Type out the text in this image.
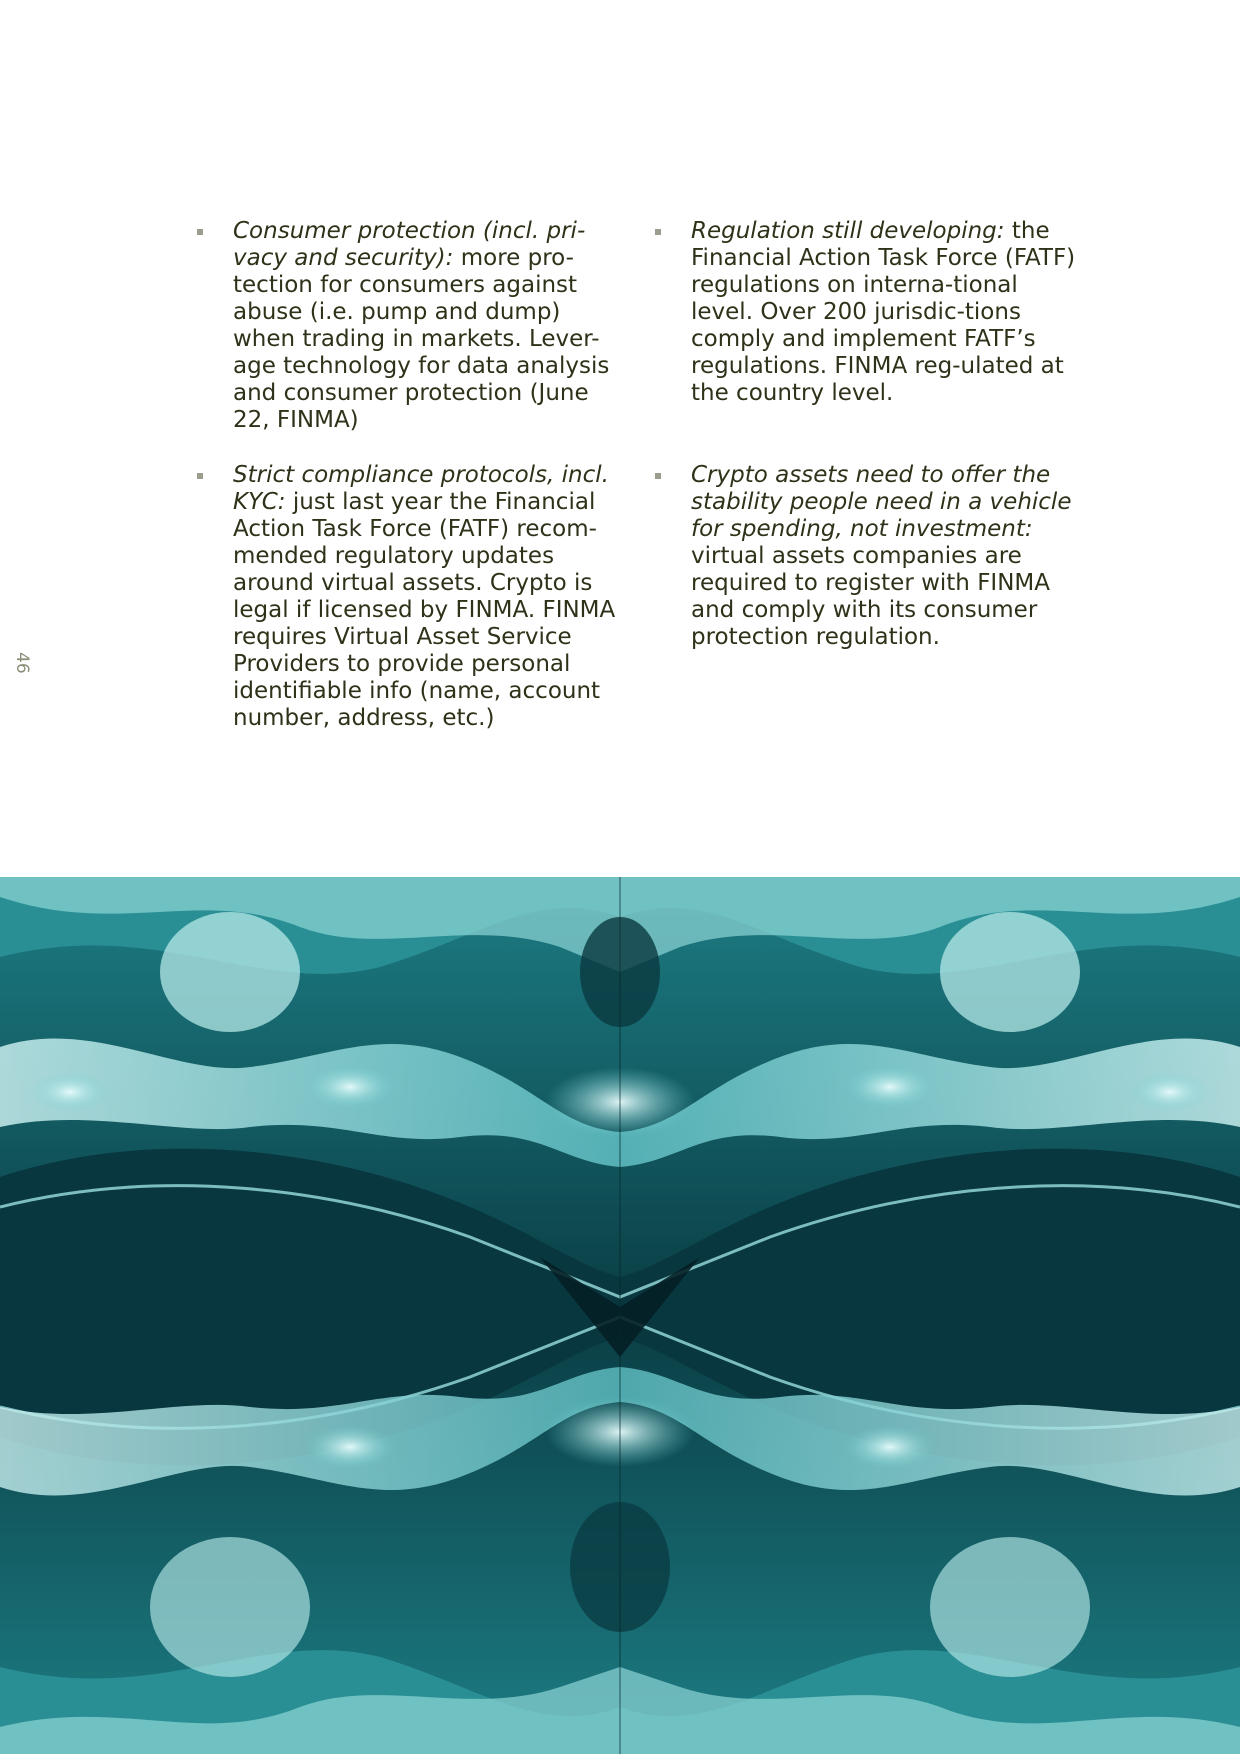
46

Consumer protection (incl. pri-vacy and security): more pro-tection for consumers against abuse (i.e. pump and dump) when trading in markets. Lever-age technology for data analysis and consumer protection (June 22, FINMA)

Strict compliance protocols, incl. KYC: just last year the Financial Action Task Force (FATF) recom-mended regulatory updates around virtual assets. Crypto is legal if licensed by FINMA. FINMA requires Virtual Asset Service Providers to provide personal identifiable info (name, account number, address, etc.)

Regulation still developing: the Financial Action Task Force (FATF) regulations on interna-tional level. Over 200 jurisdic-tions comply and implement FATF’s regulations. FINMA reg-ulated at the country level.

Crypto assets need to offer the stability people need in a vehicle for spending, not investment: virtual assets companies are required to register with FINMA and comply with its consumer protection regulation.
